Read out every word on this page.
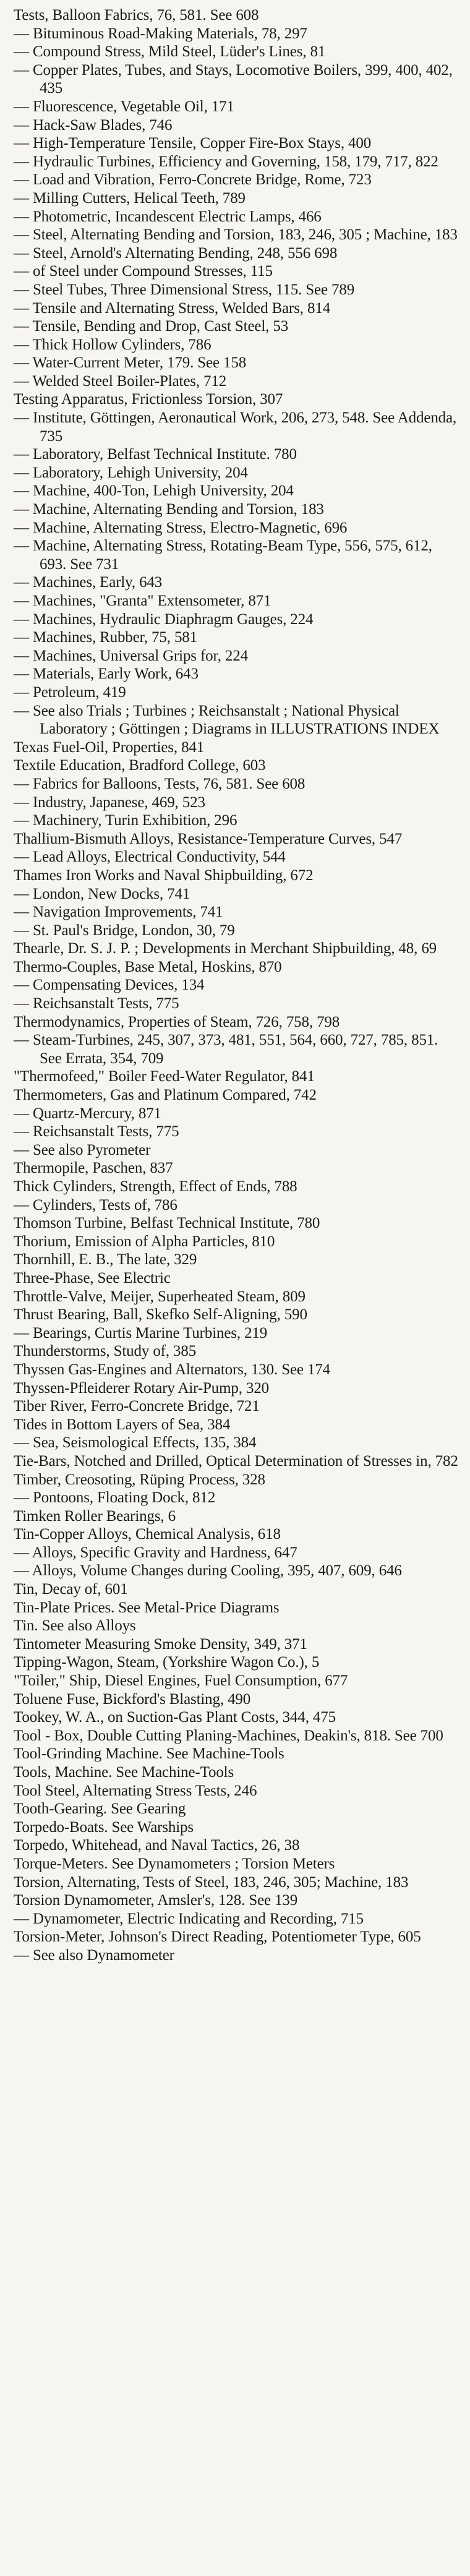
Tests, Balloon Fabrics, 76, 581. See 608
— Bituminous Road-Making Materials, 78, 297
— Compound Stress, Mild Steel, Lüder's Lines, 81
— Copper Plates, Tubes, and Stays, Locomotive Boilers, 399, 400, 402, 435
— Fluorescence, Vegetable Oil, 171
— Hack-Saw Blades, 746
— High-Temperature Tensile, Copper Fire-Box Stays, 400
— Hydraulic Turbines, Efficiency and Governing, 158, 179, 717, 822
— Load and Vibration, Ferro-Concrete Bridge, Rome, 723
— Milling Cutters, Helical Teeth, 789
— Photometric, Incandescent Electric Lamps, 466
— Steel, Alternating Bending and Torsion, 183, 246, 305 ; Machine, 183
— Steel, Arnold's Alternating Bending, 248, 556 698
— of Steel under Compound Stresses, 115
— Steel Tubes, Three Dimensional Stress, 115. See 789
— Tensile and Alternating Stress, Welded Bars, 814
— Tensile, Bending and Drop, Cast Steel, 53
— Thick Hollow Cylinders, 786
— Water-Current Meter, 179. See 158
— Welded Steel Boiler-Plates, 712
Testing Apparatus, Frictionless Torsion, 307
— Institute, Göttingen, Aeronautical Work, 206, 273, 548. See Addenda, 735
— Laboratory, Belfast Technical Institute. 780
— Laboratory, Lehigh University, 204
— Machine, 400-Ton, Lehigh University, 204
— Machine, Alternating Bending and Torsion, 183
— Machine, Alternating Stress, Electro-Magnetic, 696
— Machine, Alternating Stress, Rotating-Beam Type, 556, 575, 612, 693. See 731
— Machines, Early, 643
— Machines, "Granta" Extensometer, 871
— Machines, Hydraulic Diaphragm Gauges, 224
— Machines, Rubber, 75, 581
— Machines, Universal Grips for, 224
— Materials, Early Work, 643
— Petroleum, 419
— See also Trials ; Turbines ; Reichsanstalt ; National Physical Laboratory ; Göttingen ; Diagrams in ILLUSTRATIONS INDEX
Texas Fuel-Oil, Properties, 841
Textile Education, Bradford College, 603
— Fabrics for Balloons, Tests, 76, 581. See 608
— Industry, Japanese, 469, 523
— Machinery, Turin Exhibition, 296
Thallium-Bismuth Alloys, Resistance-Temperature Curves, 547
— Lead Alloys, Electrical Conductivity, 544
Thames Iron Works and Naval Shipbuilding, 672
— London, New Docks, 741
— Navigation Improvements, 741
— St. Paul's Bridge, London, 30, 79
Thearle, Dr. S. J. P. ; Developments in Merchant Shipbuilding, 48, 69
Thermo-Couples, Base Metal, Hoskins, 870
— Compensating Devices, 134
— Reichsanstalt Tests, 775
Thermodynamics, Properties of Steam, 726, 758, 798
— Steam-Turbines, 245, 307, 373, 481, 551, 564, 660, 727, 785, 851. See Errata, 354, 709
"Thermofeed," Boiler Feed-Water Regulator, 841
Thermometers, Gas and Platinum Compared, 742
— Quartz-Mercury, 871
— Reichsanstalt Tests, 775
— See also Pyrometer
Thermopile, Paschen, 837
Thick Cylinders, Strength, Effect of Ends, 788
— Cylinders, Tests of, 786
Thomson Turbine, Belfast Technical Institute, 780
Thorium, Emission of Alpha Particles, 810
Thornhill, E. B., The late, 329
Three-Phase, See Electric
Throttle-Valve, Meijer, Superheated Steam, 809
Thrust Bearing, Ball, Skefko Self-Aligning, 590
— Bearings, Curtis Marine Turbines, 219
Thunderstorms, Study of, 385
Thyssen Gas-Engines and Alternators, 130. See 174
Thyssen-Pfleiderer Rotary Air-Pump, 320
Tiber River, Ferro-Concrete Bridge, 721
Tides in Bottom Layers of Sea, 384
— Sea, Seismological Effects, 135, 384
Tie-Bars, Notched and Drilled, Optical Determination of Stresses in, 782
Timber, Creosoting, Rüping Process, 328
— Pontoons, Floating Dock, 812
Timken Roller Bearings, 6
Tin-Copper Alloys, Chemical Analysis, 618
— Alloys, Specific Gravity and Hardness, 647
— Alloys, Volume Changes during Cooling, 395, 407, 609, 646
Tin, Decay of, 601
Tin-Plate Prices. See Metal-Price Diagrams
Tin. See also Alloys
Tintometer Measuring Smoke Density, 349, 371
Tipping-Wagon, Steam, (Yorkshire Wagon Co.), 5
"Toiler," Ship, Diesel Engines, Fuel Consumption, 677
Toluene Fuse, Bickford's Blasting, 490
Tookey, W. A., on Suction-Gas Plant Costs, 344, 475
Tool - Box, Double Cutting Planing-Machines, Deakin's, 818. See 700
Tool-Grinding Machine. See Machine-Tools
Tools, Machine. See Machine-Tools
Tool Steel, Alternating Stress Tests, 246
Tooth-Gearing. See Gearing
Torpedo-Boats. See Warships
Torpedo, Whitehead, and Naval Tactics, 26, 38
Torque-Meters. See Dynamometers ; Torsion Meters
Torsion, Alternating, Tests of Steel, 183, 246, 305; Machine, 183
Torsion Dynamometer, Amsler's, 128. See 139
— Dynamometer, Electric Indicating and Recording, 715
Torsion-Meter, Johnson's Direct Reading, Potentiometer Type, 605
— See also Dynamometer
